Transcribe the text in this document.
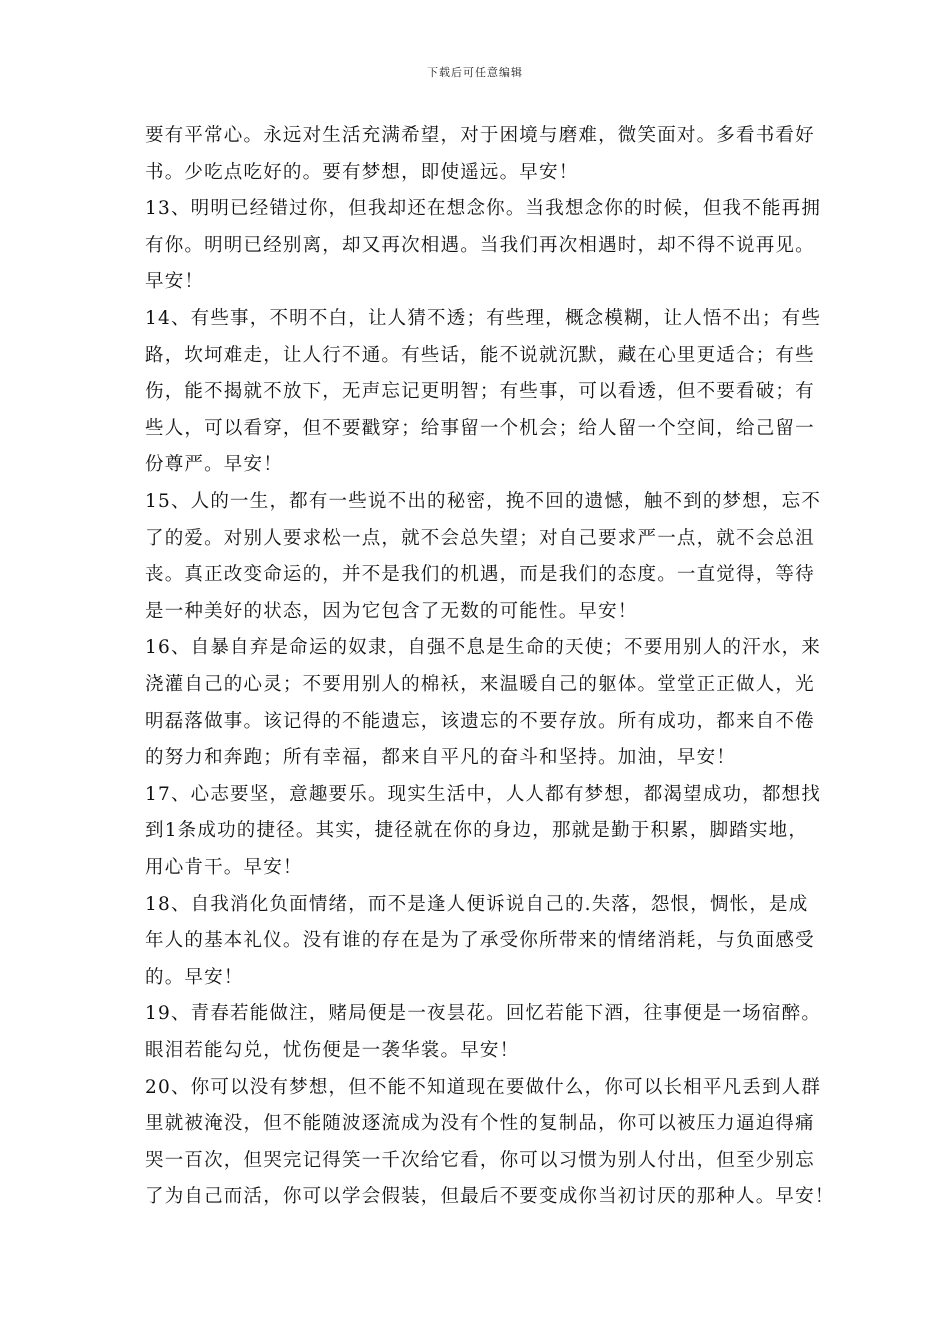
下载后可任意编辑
要有平常心。永远对生活充满希望，对于困境与磨难，微笑面对。多看书看好
书。少吃点吃好的。要有梦想，即使遥远。早安！
13、明明已经错过你，但我却还在想念你。当我想念你的时候，但我不能再拥
有你。明明已经别离，却又再次相遇。当我们再次相遇时，却不得不说再见。
早安！
14、有些事，不明不白，让人猜不透；有些理，概念模糊，让人悟不出；有些
路，坎坷难走，让人行不通。有些话，能不说就沉默，藏在心里更适合；有些
伤，能不揭就不放下，无声忘记更明智；有些事，可以看透，但不要看破；有
些人，可以看穿，但不要戳穿；给事留一个机会；给人留一个空间，给己留一
份尊严。早安！
15、人的一生，都有一些说不出的秘密，挽不回的遗憾，触不到的梦想，忘不
了的爱。对别人要求松一点，就不会总失望；对自己要求严一点，就不会总沮
丧。真正改变命运的，并不是我们的机遇，而是我们的态度。一直觉得，等待
是一种美好的状态，因为它包含了无数的可能性。早安！
16、自暴自弃是命运的奴隶，自强不息是生命的天使；不要用别人的汗水，来
浇灌自己的心灵；不要用别人的棉袄，来温暖自己的躯体。堂堂正正做人，光
明磊落做事。该记得的不能遗忘，该遗忘的不要存放。所有成功，都来自不倦
的努力和奔跑；所有幸福，都来自平凡的奋斗和坚持。加油，早安！
17、心志要坚，意趣要乐。现实生活中，人人都有梦想，都渴望成功，都想找
到1条成功的捷径。其实，捷径就在你的身边，那就是勤于积累，脚踏实地，
用心肯干。早安！
18、自我消化负面情绪，而不是逢人便诉说自己的.失落，怨恨，惆怅，是成
年人的基本礼仪。没有谁的存在是为了承受你所带来的情绪消耗，与负面感受
的。早安！
19、青春若能做注，赌局便是一夜昙花。回忆若能下酒，往事便是一场宿醉。
眼泪若能勾兑，忧伤便是一袭华裳。早安！
20、你可以没有梦想，但不能不知道现在要做什么，你可以长相平凡丢到人群
里就被淹没，但不能随波逐流成为没有个性的复制品，你可以被压力逼迫得痛
哭一百次，但哭完记得笑一千次给它看，你可以习惯为别人付出，但至少别忘
了为自己而活，你可以学会假装，但最后不要变成你当初讨厌的那种人。早安！
